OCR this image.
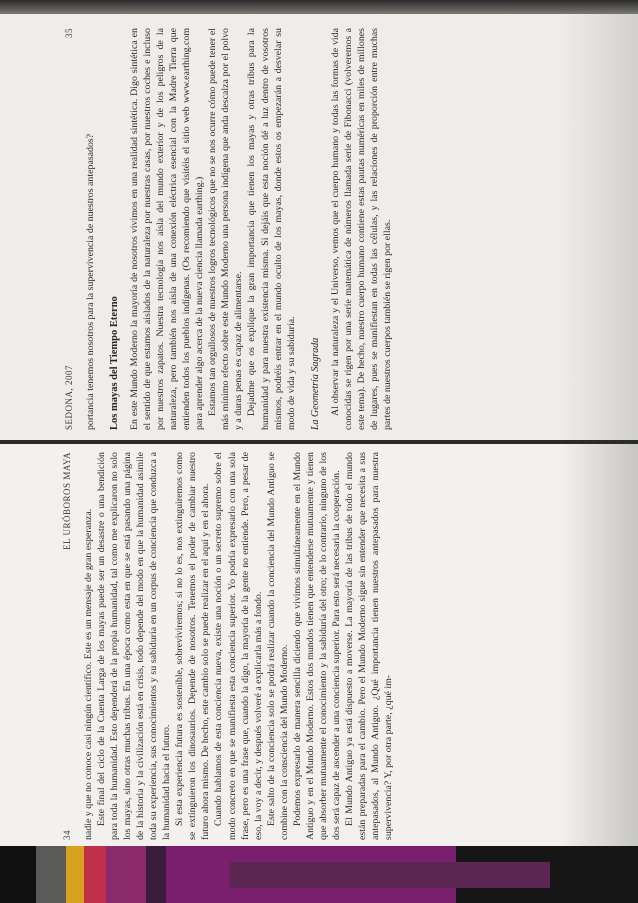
SEDONA, 2007
35

portancia tenemos nosotros para la supervivencia de nuestros antepasados? Los mayas del Tiempo Eterno En este Mundo Moderno la mayoría de nosotros vivimos en una realidad sintética. Digo sintética en el sentido de que estamos aislados de la naturaleza por nuestras casas, por nuestros coches e incluso por nuestros zapatos. Nuestra tecnología nos aísla del mundo exterior y de los peligros de la naturaleza, pero también nos aísla de una conexión eléctrica esencial con la Madre Tierra que entienden todos los pueblos indígenas. (Os recomiendo que visitéis el sitio web www.earthing.com para aprender algo acerca de la nueva ciencia llamada earthing.) Estamos tan orgullosos de nuestros logros tecnológicos que no se nos ocurre cómo puede tener el más mínimo efecto sobre este Mundo Moderno una persona indígena que anda descalza por el polvo y a duras penas es capaz de alimentarse. Dejadme que os explique la gran importancia que tienen los mayas y otras tribus para la humanidad y para nuestra existencia misma. Si dejáis que esta noción dé a luz dentro de vosotros mismos, podréis entrar en el mundo oculto de los mayas, donde estos os empezarán a desvelar su modo de vida y su sabiduría. La Geometría Sagrada Al observar la naturaleza y el Universo, vemos que el cuerpo humano y todas las formas de vida conocidas se rigen por una serie matemática de números llamada serie de Fibonacci (volveremos a este tema). De hecho, nuestro cuerpo humano contiene estas pautas numéricas en miles de millones de lugares, pues se manifiestan en todas las células, y las relaciones de proporción entre muchas partes de nuestros cuerpos también se rigen por ellas.

34
EL URÓBOROS MAYA

nadie y que no conoce casi ningún científico. Este es un mensaje de gran esperanza. Este final del ciclo de la Cuenta Larga de los mayas puede ser un desastre o una bendición para toda la humanidad. Esto dependerá de la propia humanidad, tal como me explicaron no solo los mayas, sino otras muchas tribus. En una época como esta en que se está pasando una página de la historia y la civilización está en crisis, todo depende del modo en que la humanidad asimile toda su experiencia, sus conocimientos y su sabiduría en un corpus de conciencia que conduzca a la humanidad hacia el futuro. Si esta experiencia futura es sostenible, sobreviviremos; si no lo es, nos extinguiremos como se extinguieron los dinosaurios. Depende de nosotros. Tenemos el poder de cambiar nuestro futuro ahora mismo. De hecho, este cambio solo se puede realizar en el aquí y en el ahora. Cuando hablamos de esta conciencia nueva, existe una noción o un secreto supremo sobre el modo concreto en que se manifiesta esta conciencia superior. Yo podría expresarlo con una sola frase, pero es una frase que, cuando la digo, la mayoría de la gente no entiende. Pero, a pesar de eso, la voy a decir, y después volveré a explicarla más a fondo. Este salto de la conciencia solo se podrá realizar cuando la conciencia del Mundo Antiguo se combine con la consciencia del Mundo Moderno. Podemos expresarlo de manera sencilla diciendo que vivimos simultáneamente en el Mundo Antiguo y en el Mundo Moderno. Estos dos mundos tienen que entenderse mutuamente y tienen que absorber mutuamente el conocimiento y la sabiduría del otro; de lo contrario, ninguno de los dos será capaz de ascender a una conciencia superior. Para esto será necesaria la cooperación. El Mundo Antiguo ya está dispuesto a moverse. La mayoría de las tribus de todo el mundo están preparadas para el cambio. Pero el Mundo Moderno sigue sin entender que necesita a sus antepasados, al Mundo Antiguo. ¿Qué importancia tienen nuestros antepasados para nuestra supervivencia? Y, por otra parte, ¿qué im-
